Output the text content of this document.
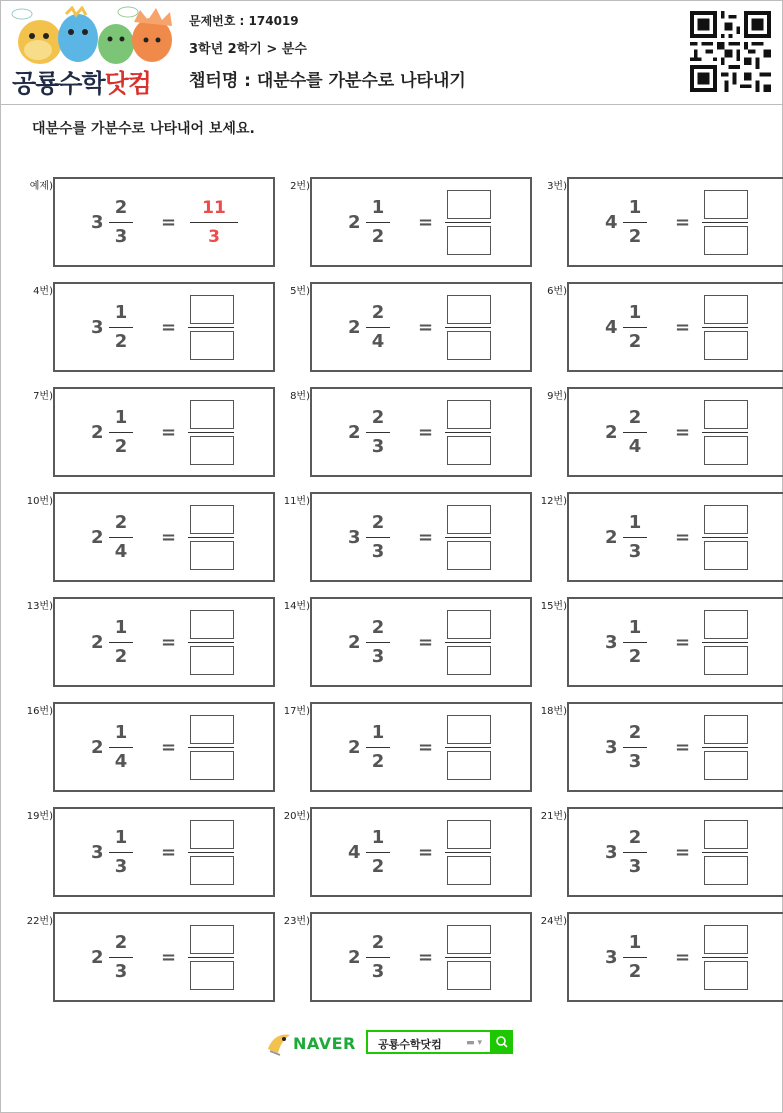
공룡수학닷컴
문제번호 : 174019
3학년 2학기 > 분수
챕터명 : 대분수를 가분수로 나타내기
대분수를 가분수로 나타내어 보세요.
예제)
3
2
3
=
11
3
2번)
2
1
2
=
3번)
4
1
2
=
4번)
3
1
2
=
5번)
2
2
4
=
6번)
4
1
2
=
7번)
2
1
2
=
8번)
2
2
3
=
9번)
2
2
4
=
10번)
2
2
4
=
11번)
3
2
3
=
12번)
2
1
3
=
13번)
2
1
2
=
14번)
2
2
3
=
15번)
3
1
2
=
16번)
2
1
4
=
17번)
2
1
2
=
18번)
3
2
3
=
19번)
3
1
3
=
20번)
4
1
2
=
21번)
3
2
3
=
22번)
2
2
3
=
23번)
2
2
3
=
24번)
3
1
2
=
NAVER 공룡수학닷컴	▬ ▾
